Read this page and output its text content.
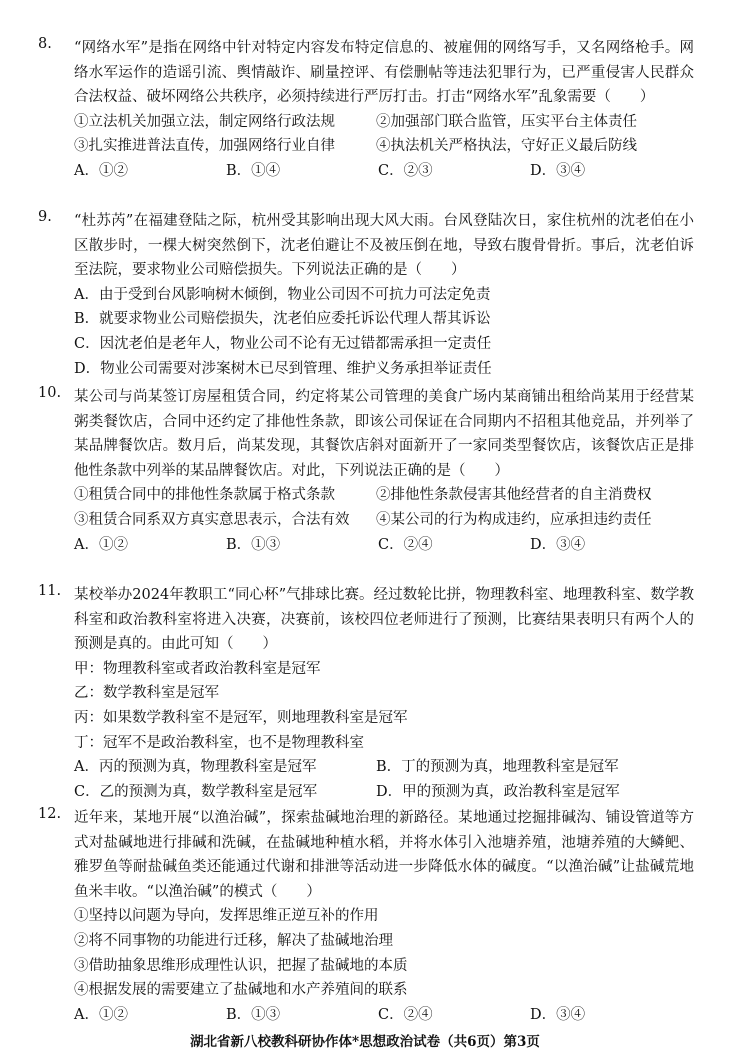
8. “网络水军”是指在网络中针对特定内容发布特定信息的、被雇佣的网络写手，又名网络枪手。网络水军运作的造谣引流、舆情敲诈、刷量控评、有偿删帖等违法犯罪行为，已严重侵害人民群众合法权益、破坏网络公共秩序，必须持续进行严厉打击。打击“网络水军”乱象需要（　　）

①立法机关加强立法，制定网络行政法规	②加强部门联合监管，压实平台主体责任
③扎实推进普法直传，加强网络行业自律	④执法机关严格执法，守好正义最后防线
A．①②	B．①④	C．②③	D．③④
9. “杜苏芮”在福建登陆之际，杭州受其影响出现大风大雨。台风登陆次日，家住杭州的沈老伯在小区散步时，一棵大树突然倒下，沈老伯避让不及被压倒在地，导致右腹骨骨折。事后，沈老伯诉至法院，要求物业公司赔偿损失。下列说法正确的是（　　）

A．由于受到台风影响树木倾倒，物业公司因不可抗力可法定免责
B．就要求物业公司赔偿损失，沈老伯应委托诉讼代理人帮其诉讼
C．因沈老伯是老年人，物业公司不论有无过错都需承担一定责任
D．物业公司需要对涉案树木已尽到管理、维护义务承担举证责任
10. 某公司与尚某签订房屋租赁合同，约定将某公司管理的美食广场内某商铺出租给尚某用于经营某粥类餐饮店，合同中还约定了排他性条款，即该公司保证在合同期内不招租其他竞品，并列举了某品牌餐饮店。数月后，尚某发现，其餐饮店斜对面新开了一家同类型餐饮店，该餐饮店正是排他性条款中列举的某品牌餐饮店。对此，下列说法正确的是（　　）

①租赁合同中的排他性条款属于格式条款	②排他性条款侵害其他经营者的自主消费权
③租赁合同系双方真实意思表示，合法有效	④某公司的行为构成违约，应承担违约责任
A．①②	B．①③	C．②④	D．③④
11. 某校举办2024年教职工“同心杯”气排球比赛。经过数轮比拼，物理教科室、地理教科室、数学教科室和政治教科室将进入决赛，决赛前，该校四位老师进行了预测，比赛结果表明只有两个人的预测是真的。由此可知（　　）

甲：物理教科室或者政治教科室是冠军
乙：数学教科室是冠军
丙：如果数学教科室不是冠军，则地理教科室是冠军
丁：冠军不是政治教科室，也不是物理教科室
A．丙的预测为真，物理教科室是冠军	B．丁的预测为真，地理教科室是冠军
C．乙的预测为真，数学教科室是冠军	D．甲的预测为真，政治教科室是冠军
12. 近年来，某地开展“以渔治碱”，探索盐碱地治理的新路径。某地通过挖掘排碱沟、铺设管道等方式对盐碱地进行排碱和洗碱，在盐碱地种植水稻，并将水体引入池塘养殖，池塘养殖的大鳞鲃、雅罗鱼等耐盐碱鱼类还能通过代谢和排泄等活动进一步降低水体的碱度。“以渔治碱”让盐碱荒地鱼米丰收。“以渔治碱”的模式（　　）

①坚持以问题为导向，发挥思维正逆互补的作用
②将不同事物的功能进行迁移，解决了盐碱地治理
③借助抽象思维形成理性认识，把握了盐碱地的本质
④根据发展的需要建立了盐碱地和水产养殖间的联系
A．①②	B．①③	C．②④	D．③④
湖北省新八校教科研协作体*思想政治试卷（共6页）第3页
